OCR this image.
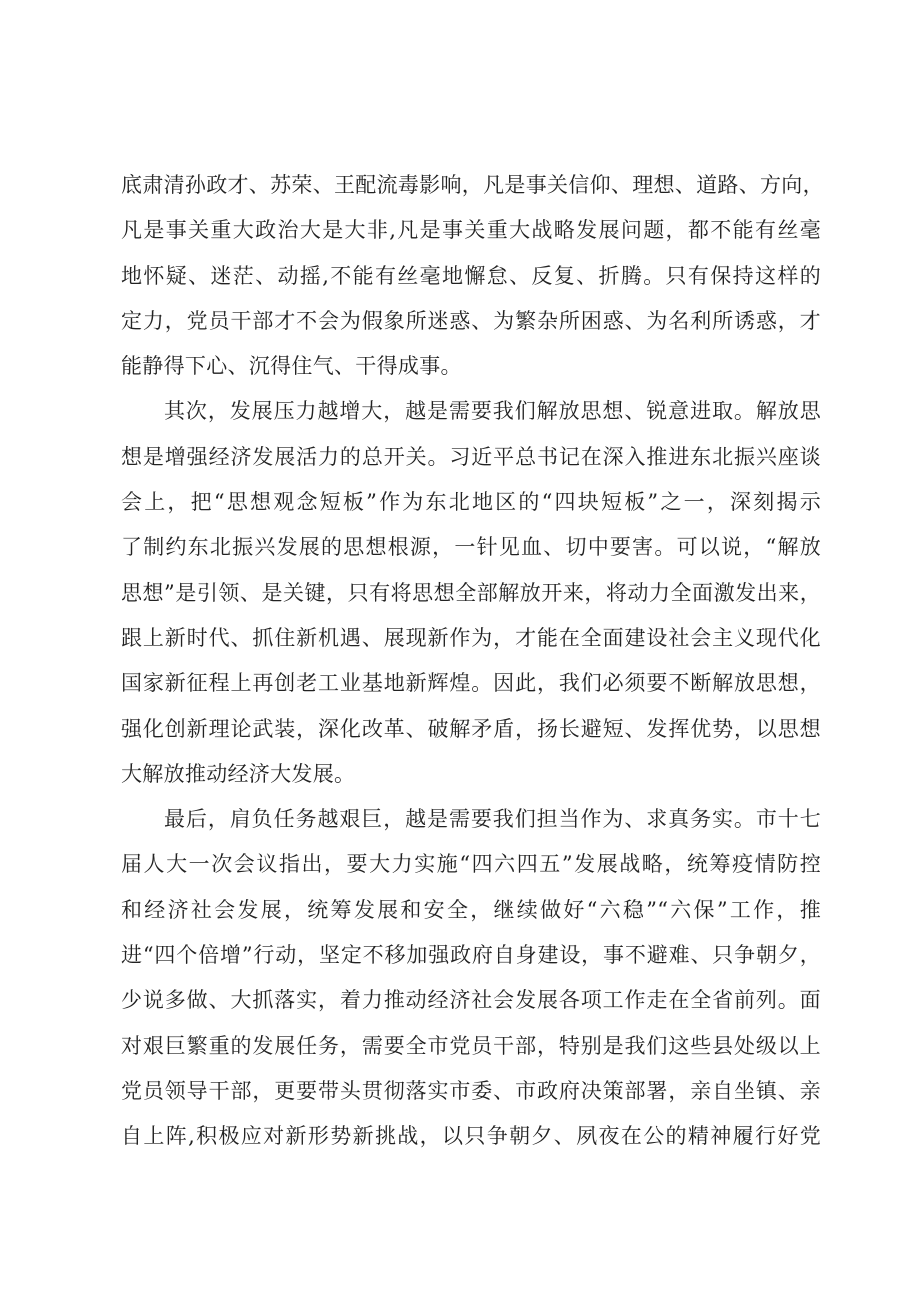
底肃清孙政才、苏荣、王配流毒影响，凡是事关信仰、理想、道路、方向，
凡是事关重大政治大是大非,凡是事关重大战略发展问题，都不能有丝毫
地怀疑、迷茫、动摇,不能有丝毫地懈怠、反复、折腾。只有保持这样的
定力，党员干部才不会为假象所迷惑、为繁杂所困惑、为名利所诱惑，才
能静得下心、沉得住气、干得成事。
其次，发展压力越增大，越是需要我们解放思想、锐意进取。解放思
想是增强经济发展活力的总开关。习近平总书记在深入推进东北振兴座谈
会上，把“思想观念短板”作为东北地区的“四块短板”之一，深刻揭示
了制约东北振兴发展的思想根源，一针见血、切中要害。可以说，“解放
思想”是引领、是关键，只有将思想全部解放开来，将动力全面激发出来，
跟上新时代、抓住新机遇、展现新作为，才能在全面建设社会主义现代化
国家新征程上再创老工业基地新辉煌。因此，我们必须要不断解放思想，
强化创新理论武装，深化改革、破解矛盾，扬长避短、发挥优势，以思想
大解放推动经济大发展。
最后，肩负任务越艰巨，越是需要我们担当作为、求真务实。市十七
届人大一次会议指出，要大力实施“四六四五”发展战略，统筹疫情防控
和经济社会发展，统筹发展和安全，继续做好“六稳”“六保”工作，推
进“四个倍增”行动，坚定不移加强政府自身建设，事不避难、只争朝夕，
少说多做、大抓落实，着力推动经济社会发展各项工作走在全省前列。面
对艰巨繁重的发展任务，需要全市党员干部，特别是我们这些县处级以上
党员领导干部，更要带头贯彻落实市委、市政府决策部署，亲自坐镇、亲
自上阵,积极应对新形势新挑战，以只争朝夕、夙夜在公的精神履行好党
